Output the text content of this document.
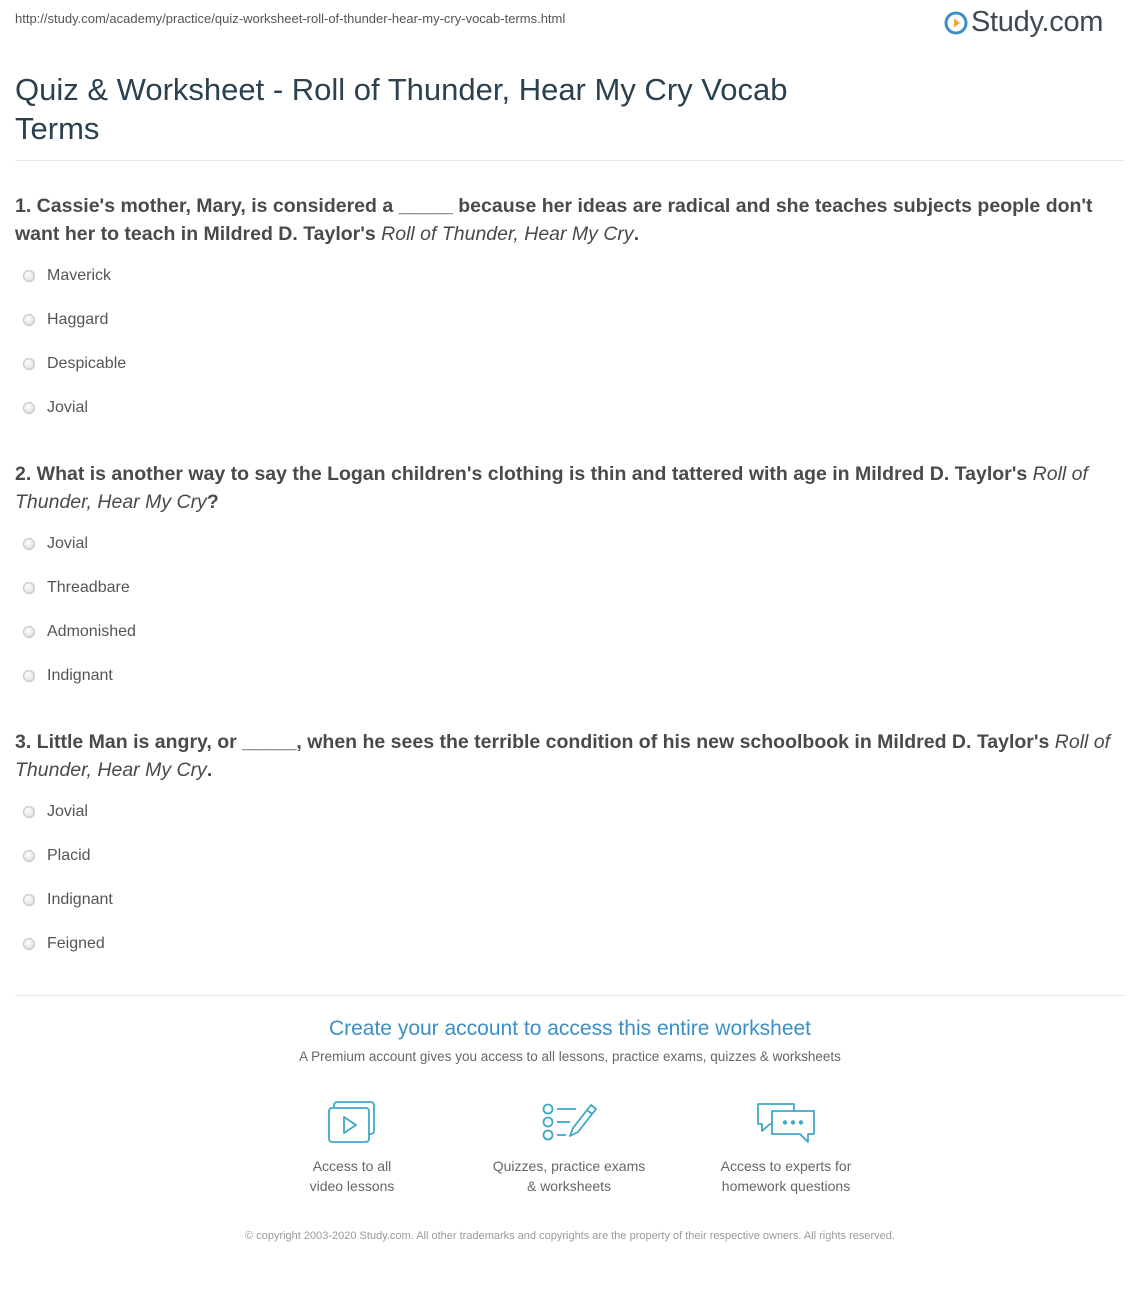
http://study.com/academy/practice/quiz-worksheet-roll-of-thunder-hear-my-cry-vocab-terms.html	Study.com
Quiz & Worksheet - Roll of Thunder, Hear My Cry Vocab
Terms
1. Cassie's mother, Mary, is considered a _____ because her ideas are radical and she teaches subjects people don't want her to teach in Mildred D. Taylor's Roll of Thunder, Hear My Cry.
Maverick
Haggard
Despicable
Jovial
2. What is another way to say the Logan children's clothing is thin and tattered with age in Mildred D. Taylor's Roll of Thunder, Hear My Cry?
Jovial
Threadbare
Admonished
Indignant
3. Little Man is angry, or _____, when he sees the terrible condition of his new schoolbook in Mildred D. Taylor's Roll of Thunder, Hear My Cry.
Jovial
Placid
Indignant
Feigned
Create your account to access this entire worksheet
A Premium account gives you access to all lessons, practice exams, quizzes & worksheets
Access to all
video lessons
Quizzes, practice exams
& worksheets
Access to experts for
homework questions
© copyright 2003-2020 Study.com. All other trademarks and copyrights are the property of their respective owners. All rights reserved.
